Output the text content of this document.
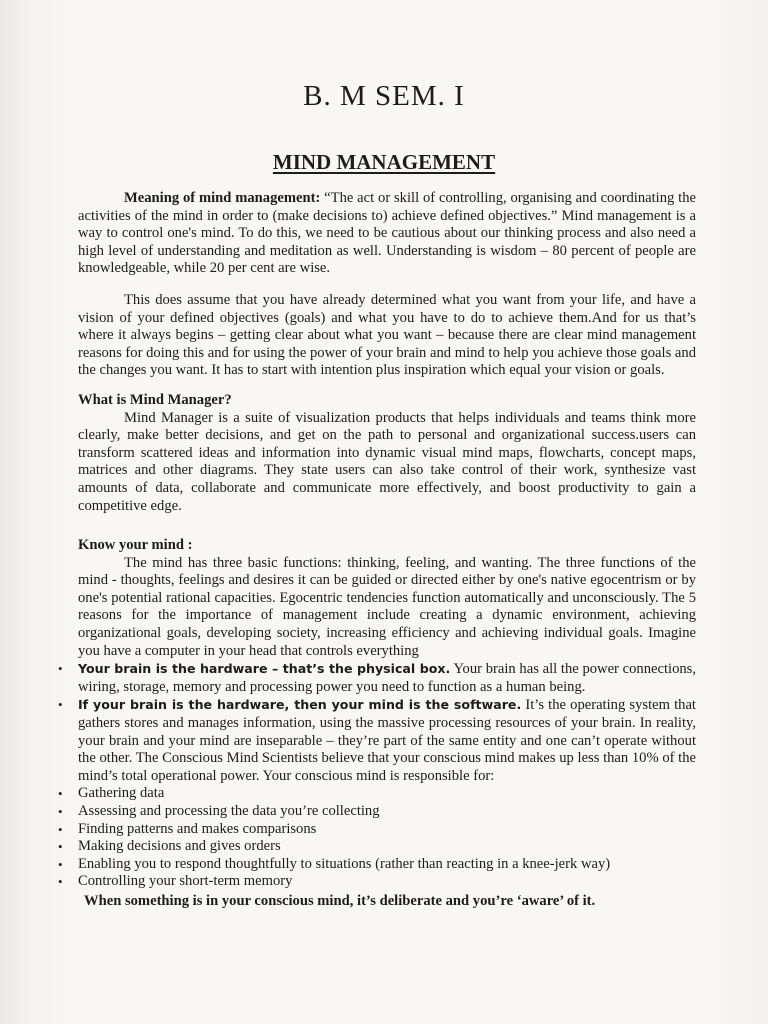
B. M SEM. I
MIND MANAGEMENT

Meaning of mind management: “The act or skill of controlling, organising and coordinating the activities of the mind in order to (make decisions to) achieve defined objectives.” Mind management is a way to control one's mind. To do this, we need to be cautious about our thinking process and also need a high level of understanding and meditation as well. Understanding is wisdom – 80 percent of people are knowledgeable, while 20 per cent are wise.

This does assume that you have already determined what you want from your life, and have a vision of your defined objectives (goals) and what you have to do to achieve them.And for us that’s where it always begins – getting clear about what you want – because there are clear mind management reasons for doing this and for using the power of your brain and mind to help you achieve those goals and the changes you want. It has to start with intention plus inspiration which equal your vision or goals.

What is Mind Manager?

Mind Manager is a suite of visualization products that helps individuals and teams think more clearly, make better decisions, and get on the path to personal and organizational success.users can transform scattered ideas and information into dynamic visual mind maps, flowcharts, concept maps, matrices and other diagrams. They state users can also take control of their work, synthesize vast amounts of data, collaborate and communicate more effectively, and boost productivity to gain a competitive edge.

Know your mind :

The mind has three basic functions: thinking, feeling, and wanting. The three functions of the mind - thoughts, feelings and desires it can be guided or directed either by one's native egocentrism or by one's potential rational capacities. Egocentric tendencies function automatically and unconsciously. The 5 reasons for the importance of management include creating a dynamic environment, achieving organizational goals, developing society, increasing efficiency and achieving individual goals. Imagine you have a computer in your head that controls everything

• Your brain is the hardware – that’s the physical box. Your brain has all the power connections, wiring, storage, memory and processing power you need to function as a human being.
• If your brain is the hardware, then your mind is the software. It’s the operating system that gathers stores and manages information, using the massive processing resources of your brain. In reality, your brain and your mind are inseparable – they’re part of the same entity and one can’t operate without the other. The Conscious Mind Scientists believe that your conscious mind makes up less than 10% of the mind’s total operational power. Your conscious mind is responsible for:
• Gathering data
• Assessing and processing the data you’re collecting
• Finding patterns and makes comparisons
• Making decisions and gives orders
• Enabling you to respond thoughtfully to situations (rather than reacting in a knee-jerk way)
• Controlling your short-term memory

When something is in your conscious mind, it’s deliberate and you’re ‘aware’ of it.
